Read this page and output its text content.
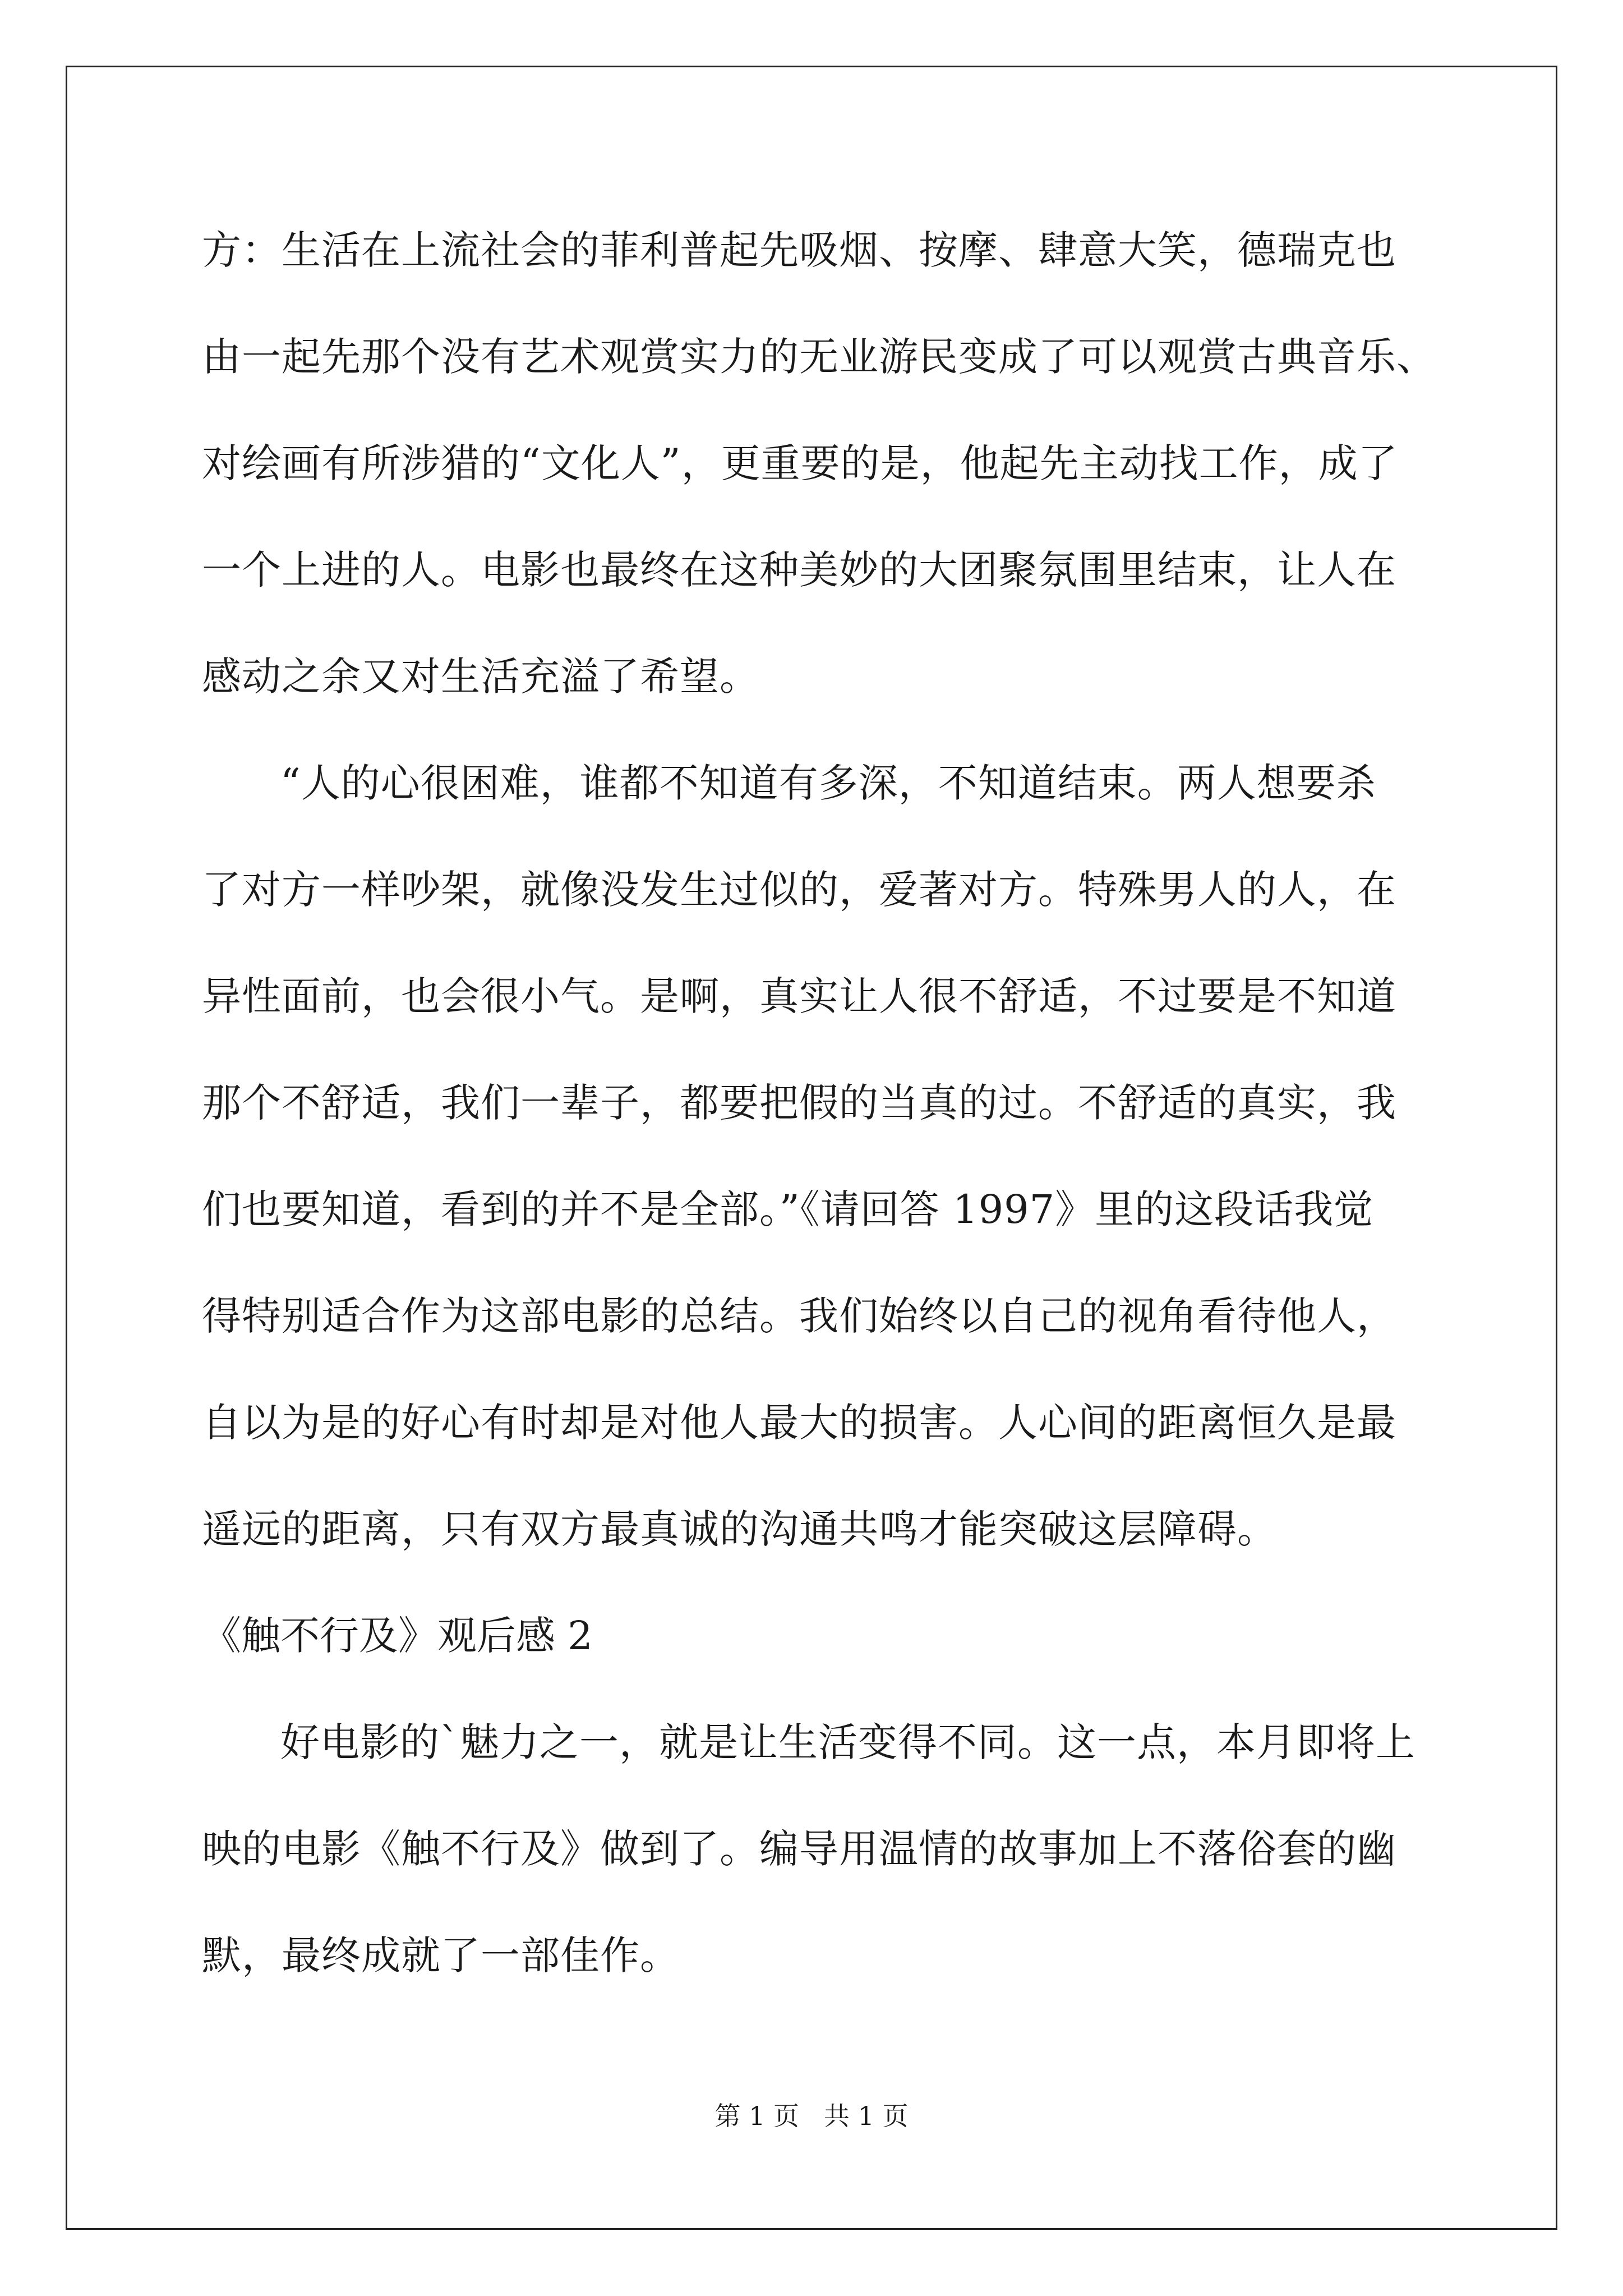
方：生活在上流社会的菲利普起先吸烟、按摩、肆意大笑，德瑞克也
由一起先那个没有艺术观赏实力的无业游民变成了可以观赏古典音乐、
对绘画有所涉猎的“文化人”，更重要的是，他起先主动找工作，成了
一个上进的人。电影也最终在这种美妙的大团聚氛围里结束，让人在
感动之余又对生活充溢了希望。
“人的心很困难，谁都不知道有多深，不知道结束。两人想要杀
了对方一样吵架，就像没发生过似的，爱著对方。特殊男人的人，在
异性面前，也会很小气。是啊，真实让人很不舒适，不过要是不知道
那个不舒适，我们一辈子，都要把假的当真的过。不舒适的真实，我
们也要知道，看到的并不是全部。”《请回答 1997》里的这段话我觉
得特别适合作为这部电影的总结。我们始终以自己的视角看待他人，
自以为是的好心有时却是对他人最大的损害。人心间的距离恒久是最
遥远的距离，只有双方最真诚的沟通共鸣才能突破这层障碍。
《触不行及》观后感 2
好电影的`魅力之一，就是让生活变得不同。这一点，本月即将上
映的电影《触不行及》做到了。编导用温情的故事加上不落俗套的幽
默，最终成就了一部佳作。
第 1 页 共 1 页
